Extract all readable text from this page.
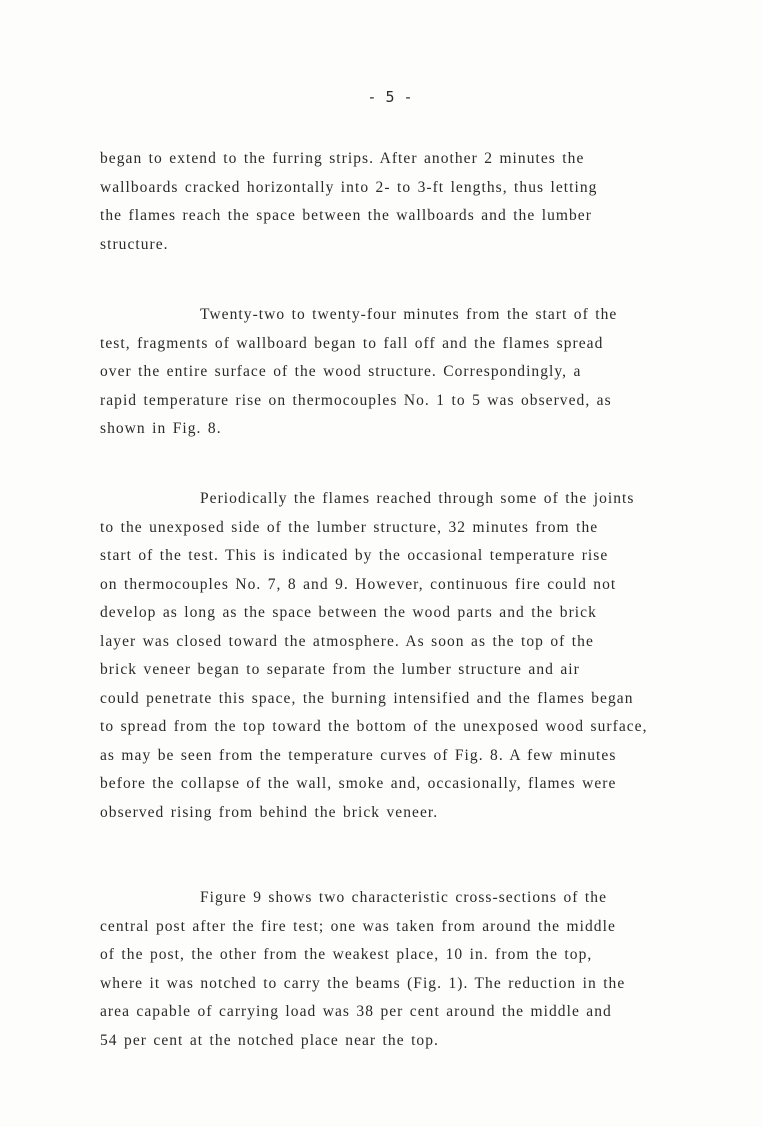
- 5 -
began to extend to the furring strips. After another 2 minutes the
wallboards cracked horizontally into 2- to 3-ft lengths, thus letting
the flames reach the space between the wallboards and the lumber
structure.
Twenty-two to twenty-four minutes from the start of the
test, fragments of wallboard began to fall off and the flames spread
over the entire surface of the wood structure. Correspondingly, a
rapid temperature rise on thermocouples No. 1 to 5 was observed, as
shown in Fig. 8.
Periodically the flames reached through some of the joints
to the unexposed side of the lumber structure, 32 minutes from the
start of the test. This is indicated by the occasional temperature rise
on thermocouples No. 7, 8 and 9. However, continuous fire could not
develop as long as the space between the wood parts and the brick
layer was closed toward the atmosphere. As soon as the top of the
brick veneer began to separate from the lumber structure and air
could penetrate this space, the burning intensified and the flames began
to spread from the top toward the bottom of the unexposed wood surface,
as may be seen from the temperature curves of Fig. 8. A few minutes
before the collapse of the wall, smoke and, occasionally, flames were
observed rising from behind the brick veneer.
Figure 9 shows two characteristic cross-sections of the
central post after the fire test; one was taken from around the middle
of the post, the other from the weakest place, 10 in. from the top,
where it was notched to carry the beams (Fig. 1). The reduction in the
area capable of carrying load was 38 per cent around the middle and
54 per cent at the notched place near the top.
